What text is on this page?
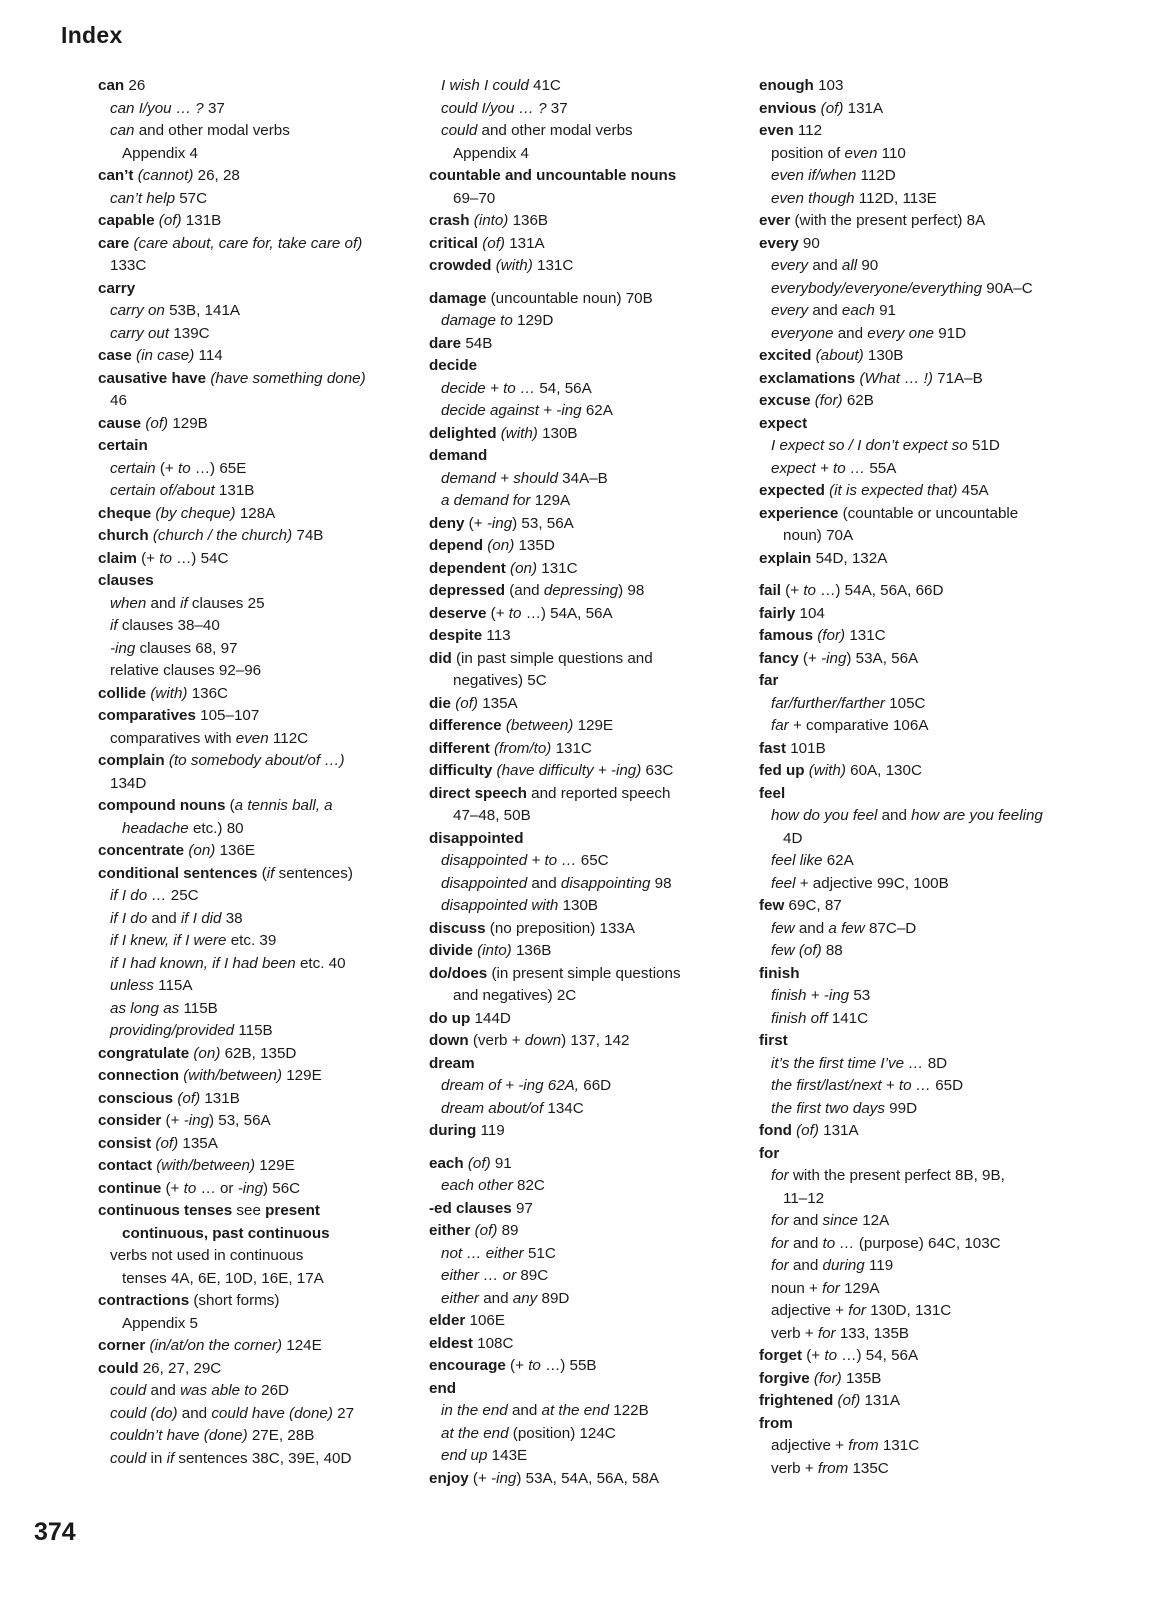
Index
can 26
can I/you … ? 37
can and other modal verbs
Appendix 4
can’t (cannot) 26, 28
can’t help 57C
capable (of) 131B
care (care about, care for, take care of)
133C
carry
carry on 53B, 141A
carry out 139C
case (in case) 114
causative have (have something done)
46
cause (of) 129B
certain
certain (+ to …) 65E
certain of/about 131B
cheque (by cheque) 128A
church (church / the church) 74B
claim (+ to …) 54C
clauses
when and if clauses 25
if clauses 38–40
-ing clauses 68, 97
relative clauses 92–96
collide (with) 136C
comparatives 105–107
comparatives with even 112C
complain (to somebody about/of …)
134D
compound nouns (a tennis ball, a
headache etc.) 80
concentrate (on) 136E
conditional sentences (if sentences)
if I do … 25C
if I do and if I did 38
if I knew, if I were etc. 39
if I had known, if I had been etc. 40
unless 115A
as long as 115B
providing/provided 115B
congratulate (on) 62B, 135D
connection (with/between) 129E
conscious (of) 131B
consider (+ -ing) 53, 56A
consist (of) 135A
contact (with/between) 129E
continue (+ to … or -ing) 56C
continuous tenses see present
continuous, past continuous
verbs not used in continuous
tenses 4A, 6E, 10D, 16E, 17A
contractions (short forms)
Appendix 5
corner (in/at/on the corner) 124E
could 26, 27, 29C
could and was able to 26D
could (do) and could have (done) 27
couldn’t have (done) 27E, 28B
could in if sentences 38C, 39E, 40D
I wish I could 41C
could I/you … ? 37
could and other modal verbs
Appendix 4
countable and uncountable nouns
69–70
crash (into) 136B
critical (of) 131A
crowded (with) 131C
damage (uncountable noun) 70B
damage to 129D
dare 54B
decide
decide + to … 54, 56A
decide against + -ing 62A
delighted (with) 130B
demand
demand + should 34A–B
a demand for 129A
deny (+ -ing) 53, 56A
depend (on) 135D
dependent (on) 131C
depressed (and depressing) 98
deserve (+ to …) 54A, 56A
despite 113
did (in past simple questions and
negatives) 5C
die (of) 135A
difference (between) 129E
different (from/to) 131C
difficulty (have difficulty + -ing) 63C
direct speech and reported speech
47–48, 50B
disappointed
disappointed + to … 65C
disappointed and disappointing 98
disappointed with 130B
discuss (no preposition) 133A
divide (into) 136B
do/does (in present simple questions
and negatives) 2C
do up 144D
down (verb + down) 137, 142
dream
dream of + -ing 62A, 66D
dream about/of 134C
during 119
each (of) 91
each other 82C
-ed clauses 97
either (of) 89
not … either 51C
either … or 89C
either and any 89D
elder 106E
eldest 108C
encourage (+ to …) 55B
end
in the end and at the end 122B
at the end (position) 124C
end up 143E
enjoy (+ -ing) 53A, 54A, 56A, 58A
enough 103
envious (of) 131A
even 112
position of even 110
even if/when 112D
even though 112D, 113E
ever (with the present perfect) 8A
every 90
every and all 90
everybody/everyone/everything 90A–C
every and each 91
everyone and every one 91D
excited (about) 130B
exclamations (What … !) 71A–B
excuse (for) 62B
expect
I expect so / I don’t expect so 51D
expect + to … 55A
expected (it is expected that) 45A
experience (countable or uncountable
noun) 70A
explain 54D, 132A
fail (+ to …) 54A, 56A, 66D
fairly 104
famous (for) 131C
fancy (+ -ing) 53A, 56A
far
far/further/farther 105C
far + comparative 106A
fast 101B
fed up (with) 60A, 130C
feel
how do you feel and how are you feeling
4D
feel like 62A
feel + adjective 99C, 100B
few 69C, 87
few and a few 87C–D
few (of) 88
finish
finish + -ing 53
finish off 141C
first
it’s the first time I’ve … 8D
the first/last/next + to … 65D
the first two days 99D
fond (of) 131A
for
for with the present perfect 8B, 9B,
11–12
for and since 12A
for and to … (purpose) 64C, 103C
for and during 119
noun + for 129A
adjective + for 130D, 131C
verb + for 133, 135B
forget (+ to …) 54, 56A
forgive (for) 135B
frightened (of) 131A
from
adjective + from 131C
verb + from 135C
374
